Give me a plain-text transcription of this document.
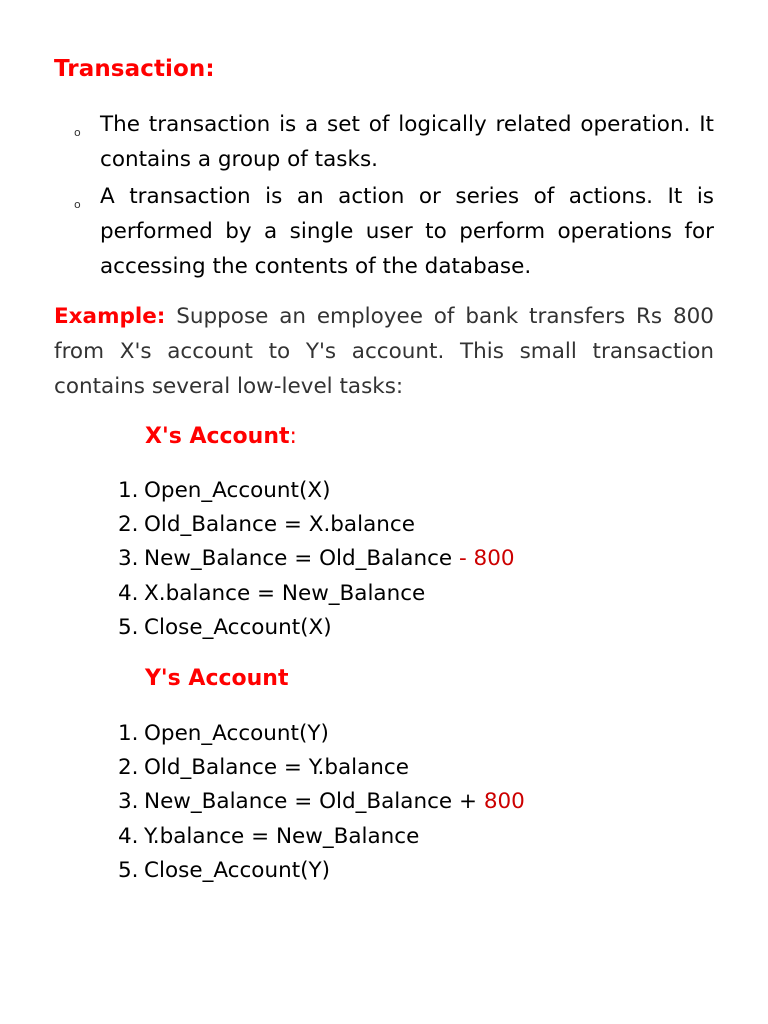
Transaction:
o The transaction is a set of logically related operation. It contains a group of tasks.
o A transaction is an action or series of actions. It is performed by a single user to perform operations for accessing the contents of the database.
Example: Suppose an employee of bank transfers Rs 800 from X's account to Y's account. This small transaction contains several low-level tasks:
X's Account:
1. Open_Account(X)
2. Old_Balance = X.balance
3. New_Balance = Old_Balance - 800
4. X.balance = New_Balance
5. Close_Account(X)
Y's Account
1. Open_Account(Y)
2. Old_Balance = Y.balance
3. New_Balance = Old_Balance + 800
4. Y.balance = New_Balance
5. Close_Account(Y)
